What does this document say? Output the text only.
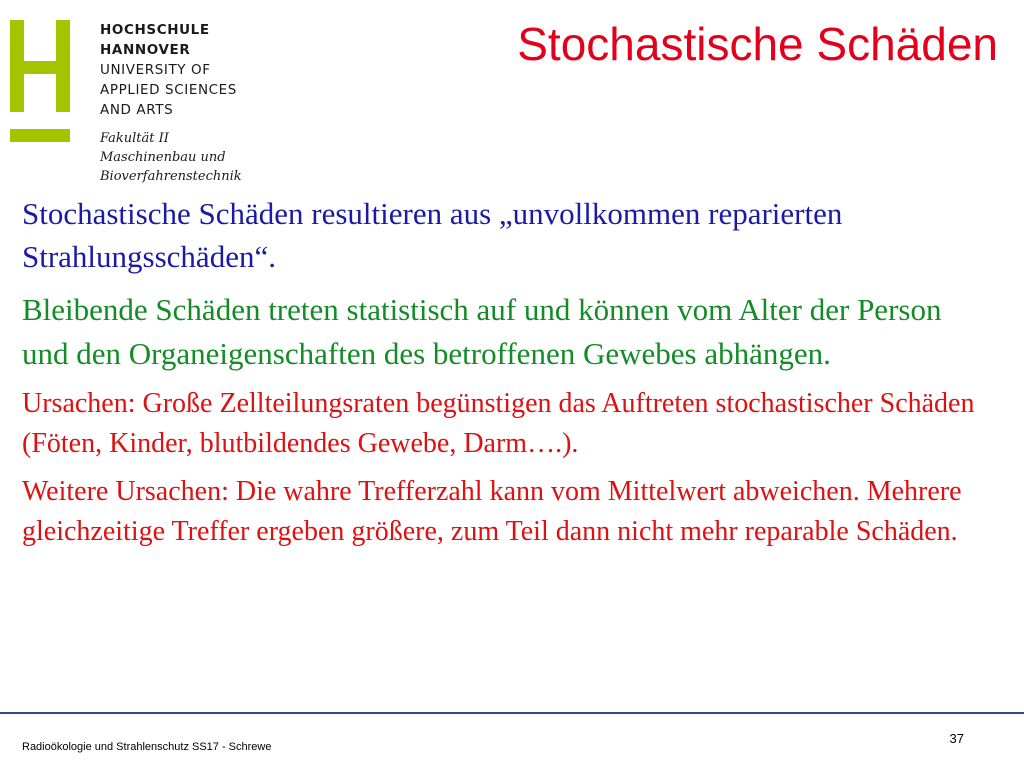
HOCHSCHULE
HANNOVER
UNIVERSITY OF
APPLIED SCIENCES
AND ARTS
Fakultät II
Maschinenbau und
Bioverfahrenstechnik
Stochastische Schäden

Stochastische Schäden resultieren aus „unvollkommen reparierten Strahlungsschäden“.

Bleibende Schäden treten statistisch auf und können vom Alter der Person und den Organeigenschaften des betroffenen Gewebes abhängen.

Ursachen: Große Zellteilungsraten begünstigen das Auftreten stochastischer Schäden (Föten, Kinder, blutbildendes Gewebe, Darm….).

Weitere Ursachen: Die wahre Trefferzahl kann vom Mittelwert abweichen. Mehrere gleichzeitige Treffer ergeben größere, zum Teil dann nicht mehr reparable Schäden.

Radioökologie und Strahlenschutz SS17 - Schrewe
37
